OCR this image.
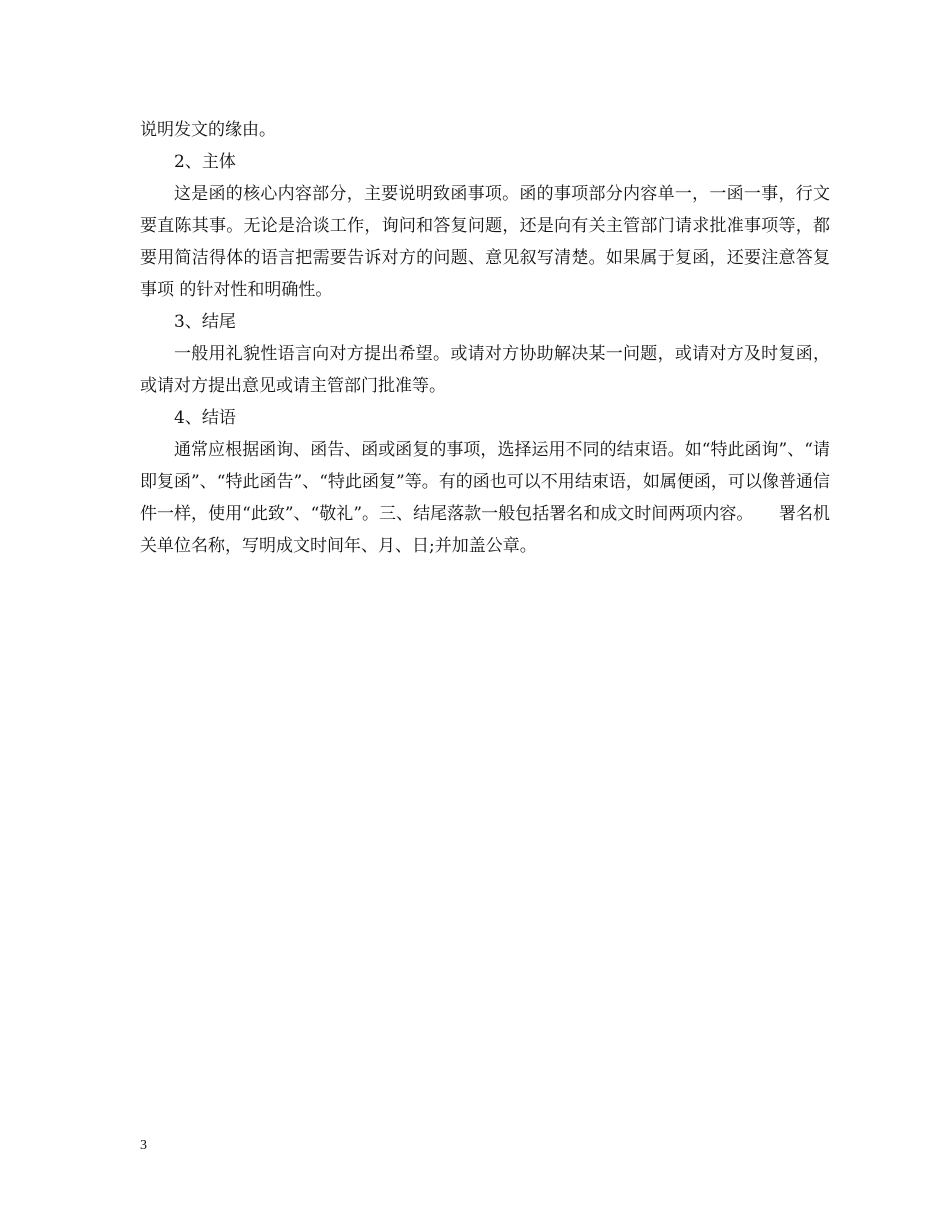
说明发文的缘由。

2、主体

这是函的核心内容部分，主要说明致函事项。函的事项部分内容单一，一函一事，行文要直陈其事。无论是洽谈工作，询问和答复问题，还是向有关主管部门请求批准事项等，都要用简洁得体的语言把需要告诉对方的问题、意见叙写清楚。如果属于复函，还要注意答复事项 的针对性和明确性。

3、结尾

一般用礼貌性语言向对方提出希望。或请对方协助解决某一问题，或请对方及时复函，或请对方提出意见或请主管部门批准等。

4、结语

通常应根据函询、函告、函或函复的事项，选择运用不同的结束语。如“特此函询”、“请即复函”、“特此函告”、“特此函复”等。有的函也可以不用结束语，如属便函，可以像普通信件一样，使用“此致”、“敬礼”。三、结尾落款一般包括署名和成文时间两项内容。　　署名机关单位名称，写明成文时间年、月、日;并加盖公章。

3
